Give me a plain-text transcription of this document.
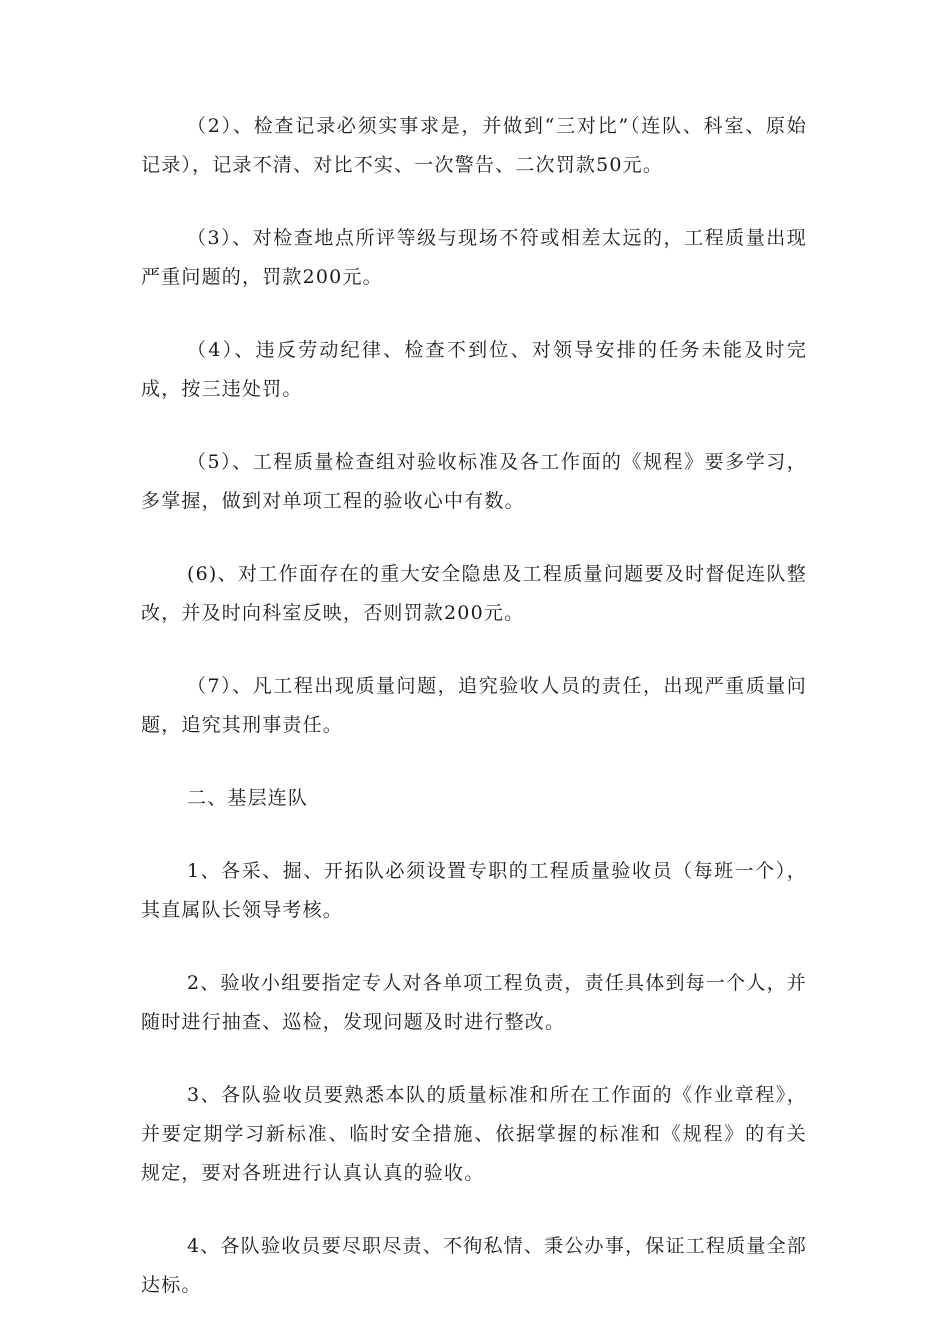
（2）、检查记录必须实事求是，并做到“三对比”（连队、科室、原始记录），记录不清、对比不实、一次警告、二次罚款50元。

（3）、对检查地点所评等级与现场不符或相差太远的，工程质量出现严重问题的，罚款200元。

（4）、违反劳动纪律、检查不到位、对领导安排的任务未能及时完成，按三违处罚。

（5）、工程质量检查组对验收标准及各工作面的《规程》要多学习，多掌握，做到对单项工程的验收心中有数。

(6)、对工作面存在的重大安全隐患及工程质量问题要及时督促连队整改，并及时向科室反映，否则罚款200元。

（7）、凡工程出现质量问题，追究验收人员的责任，出现严重质量问题，追究其刑事责任。

二、基层连队

1、各采、掘、开拓队必须设置专职的工程质量验收员（每班一个），其直属队长领导考核。

2、验收小组要指定专人对各单项工程负责，责任具体到每一个人，并随时进行抽查、巡检，发现问题及时进行整改。

3、各队验收员要熟悉本队的质量标准和所在工作面的《作业章程》，并要定期学习新标准、临时安全措施、依据掌握的标准和《规程》的有关规定，要对各班进行认真认真的验收。

4、各队验收员要尽职尽责、不徇私情、秉公办事，保证工程质量全部达标。
